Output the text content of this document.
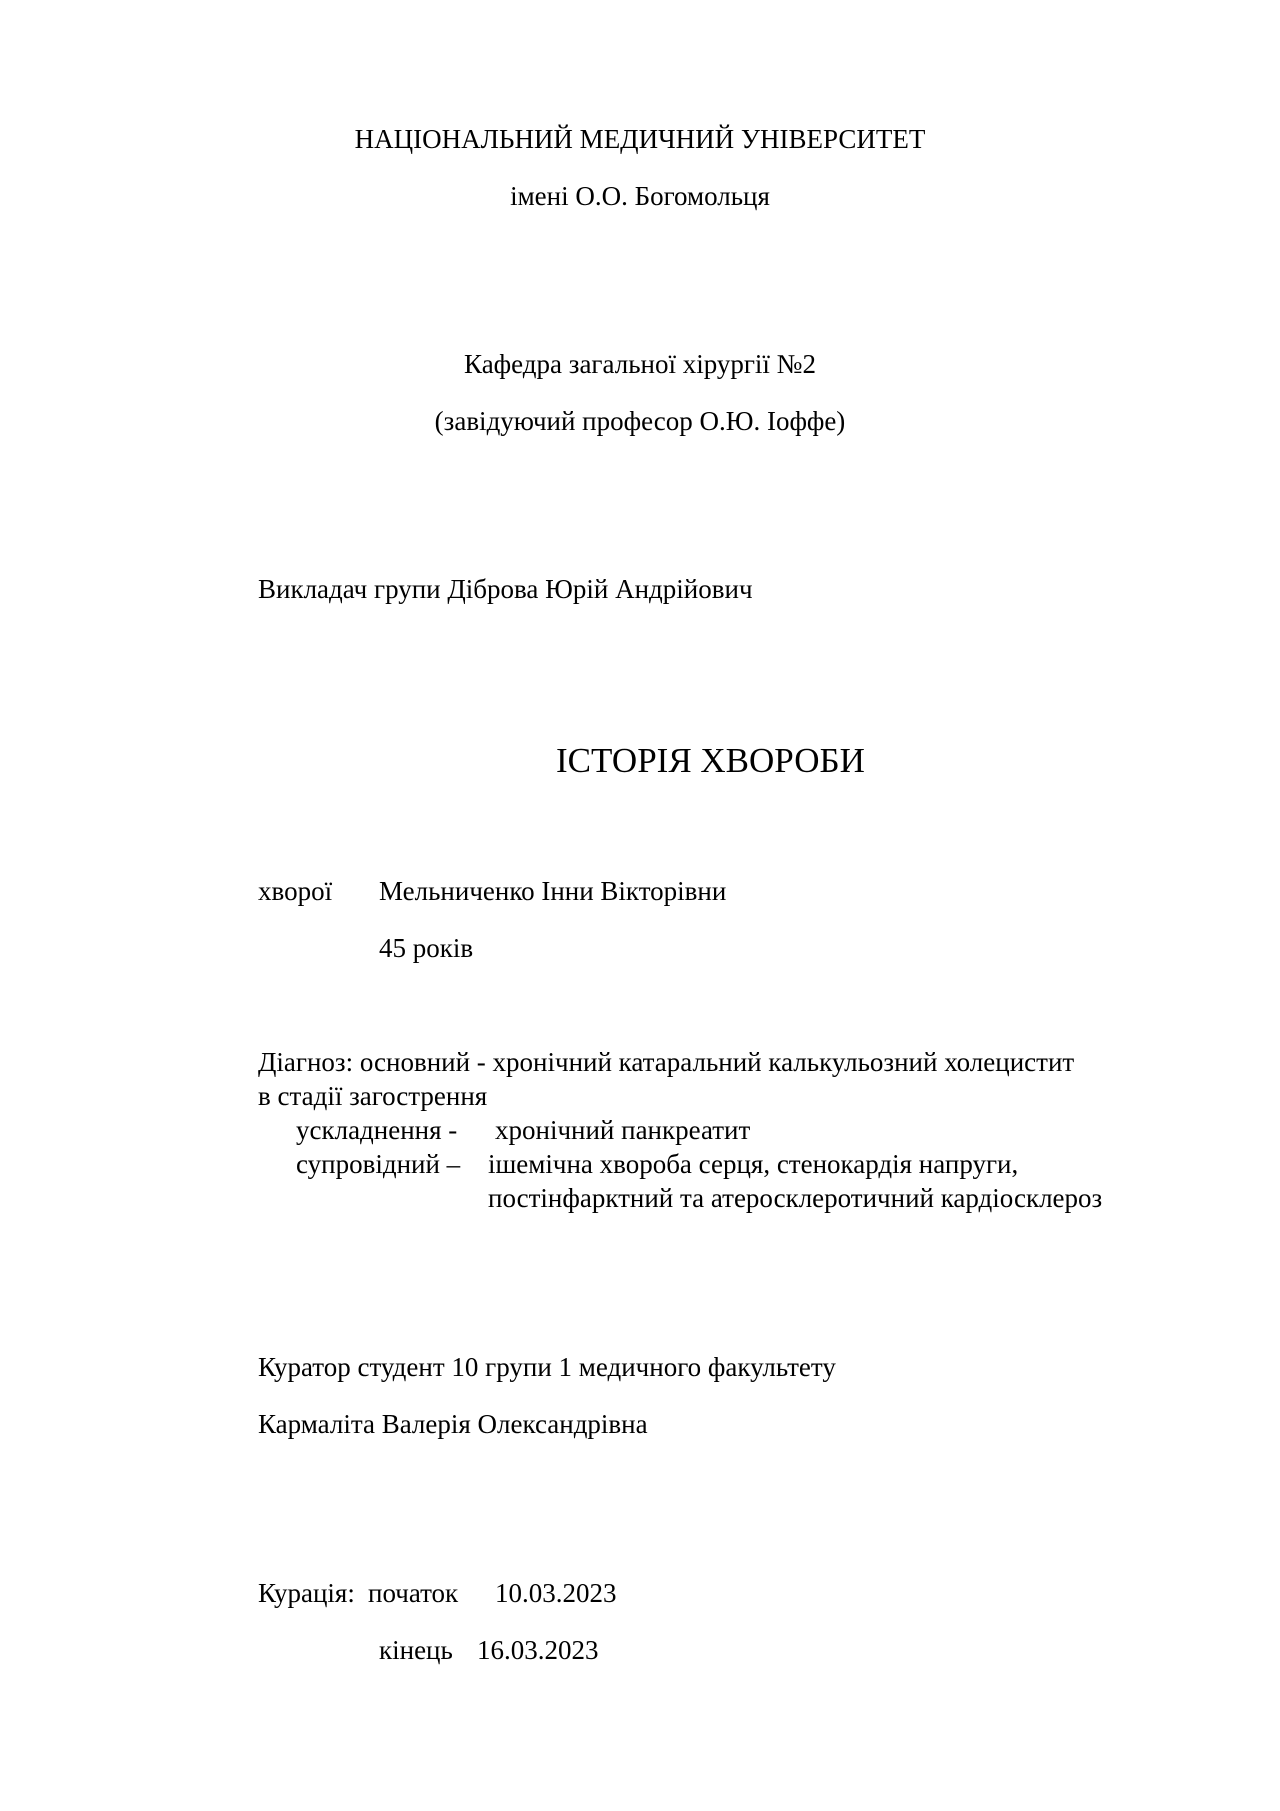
НАЦІОНАЛЬНИЙ МЕДИЧНИЙ УНІВЕРСИТЕТ
імені О.О. Богомольця
Кафедра загальної хірургії №2
(завідуючий професор О.Ю. Іоффе)
Викладач групи Діброва Юрій Андрійович
ІСТОРІЯ ХВОРОБИ

хворої

Мельниченко Інни Вікторівни

45 років
Діагноз: основний - хронічний катаральний калькульозний холецистит
в стадії загострення

ускладнення -

хронічний панкреатит

супровідний –

ішемічна хвороба серця, стенокардія напруги,

постінфарктний та атеросклеротичний кардіосклероз
Куратор студент 10 групи 1 медичного факультету
Кармаліта Валерія Олександрівна

Курація:

початок

10.03.2023

кінець

16.03.2023
